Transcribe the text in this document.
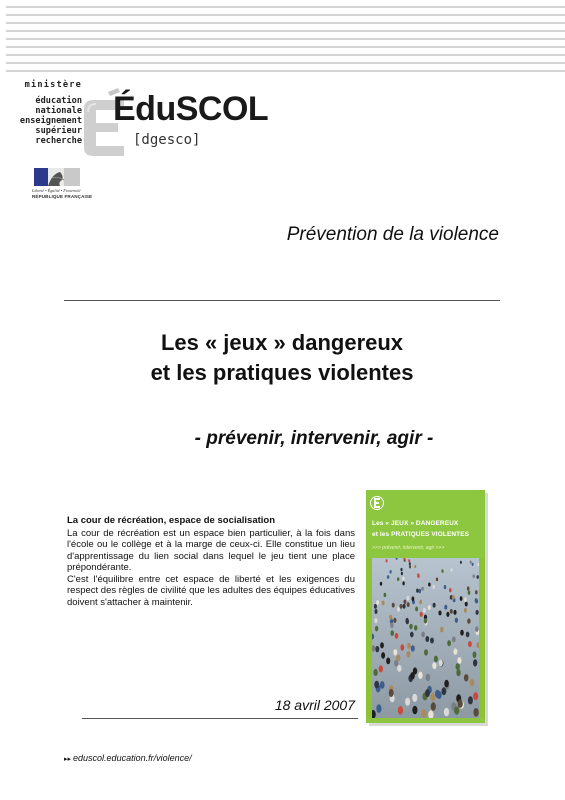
ministère
éducation
nationale
enseignement
supérieur
recherche
ÉduSCOL
[dgesco]
Liberté • Égalité • Fraternité
RÉPUBLIQUE FRANÇAISE
Prévention de la violence
Les « jeux » dangereux
et les pratiques violentes
- prévenir, intervenir, agir -
La cour de récréation, espace de socialisation

La cour de récréation est un espace bien particulier, à la fois dans l'école ou le collège et à la marge de ceux-ci. Elle constitue un lieu d'apprentissage du lien social dans lequel le jeu tient une place prépondérante.

C'est l'équilibre entre cet espace de liberté et les exigences du respect des règles de civilité que les adultes des équipes éducatives doivent s'attacher à maintenir.

18 avril 2007
Les « JEUX » DANGEREUX
et les PRATIQUES VIOLENTES
>>> prévenir, intervenir, agir >>>
▸▸ eduscol.education.fr/violence/
